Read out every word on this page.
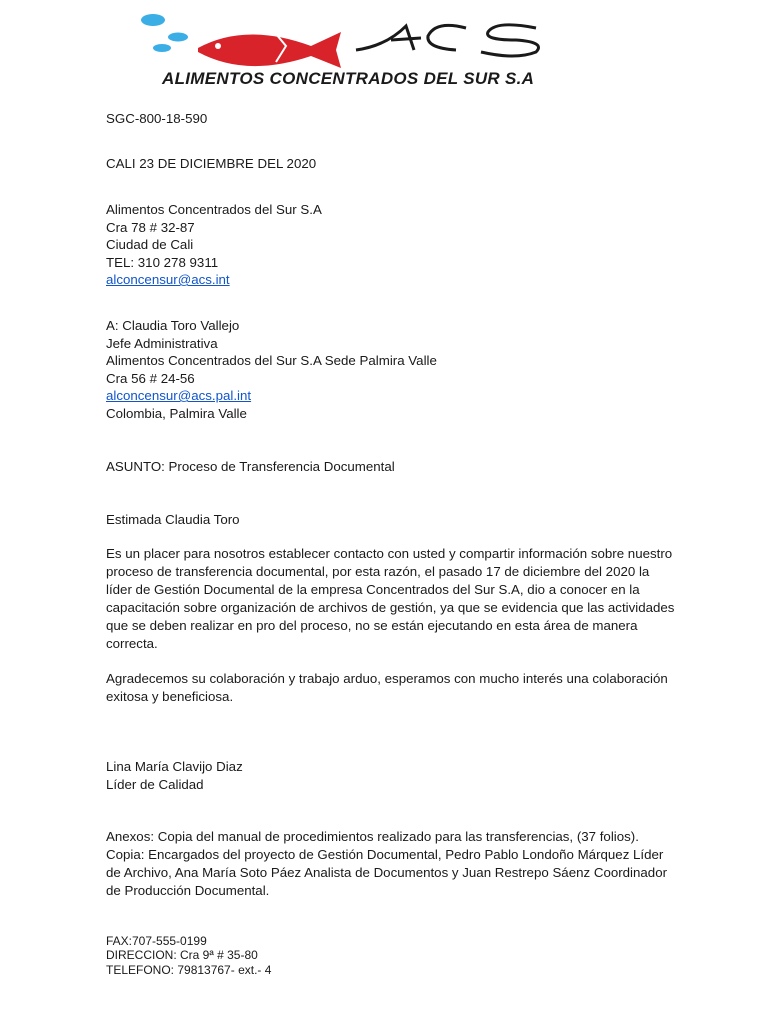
ALIMENTOS CONCENTRADOS DEL SUR S.A
SGC-800-18-590
CALI 23 DE DICIEMBRE DEL 2020
Alimentos Concentrados del Sur S.A
Cra 78 # 32-87
Ciudad de Cali
TEL: 310 278 9311
alconcensur@acs.int
A: Claudia Toro Vallejo
Jefe Administrativa
Alimentos Concentrados del Sur S.A Sede Palmira Valle
Cra 56 # 24-56
alconcensur@acs.pal.int
Colombia, Palmira Valle
ASUNTO: Proceso de Transferencia Documental
Estimada Claudia Toro
Es un placer para nosotros establecer contacto con usted y compartir información sobre nuestro
proceso de transferencia documental, por esta razón, el pasado 17 de diciembre del 2020 la
líder de Gestión Documental de la empresa Concentrados del Sur S.A, dio a conocer en la
capacitación sobre organización de archivos de gestión, ya que se evidencia que las actividades
que se deben realizar en pro del proceso, no se están ejecutando en esta área de manera
correcta.
Agradecemos su colaboración y trabajo arduo, esperamos con mucho interés una colaboración
exitosa y beneficiosa.
Lina María Clavijo Diaz
Líder de Calidad
Anexos: Copia del manual de procedimientos realizado para las transferencias, (37 folios).
Copia: Encargados del proyecto de Gestión Documental, Pedro Pablo Londoño Márquez Líder
de Archivo, Ana María Soto Páez Analista de Documentos y Juan Restrepo Sáenz Coordinador
de Producción Documental.
FAX:707-555-0199
DIRECCION: Cra 9ª # 35-80
TELEFONO: 79813767- ext.- 4
